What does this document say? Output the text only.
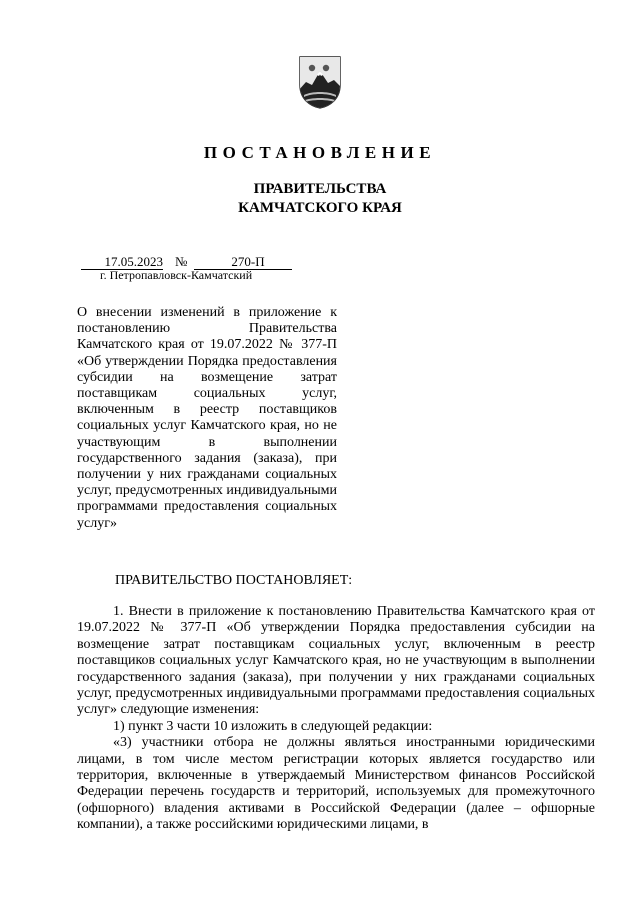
ПОСТАНОВЛЕНИЕ
ПРАВИТЕЛЬСТВА
КАМЧАТСКОГО КРАЯ
17.05.2023 №	270-П
г. Петропавловск-Камчатский
О внесении изменений в приложение к постановлению Правительства Камчатского края от 19.07.2022 № 377-П «Об утверждении Порядка предоставления субсидии на возмещение затрат поставщикам социальных услуг, включенным в реестр поставщиков социальных услуг Камчатского края, но не участвующим в выполнении государственного задания (заказа), при получении у них гражданами социальных услуг, предусмотренных индивидуальными программами предоставления социальных услуг»
ПРАВИТЕЛЬСТВО ПОСТАНОВЛЯЕТ:

1. Внести в приложение к постановлению Правительства Камчатского края от 19.07.2022 № 377-П «Об утверждении Порядка предоставления субсидии на возмещение затрат поставщикам социальных услуг, включенным в реестр поставщиков социальных услуг Камчатского края, но не участвующим в выполнении государственного задания (заказа), при получении у них гражданами социальных услуг, предусмотренных индивидуальными программами предоставления социальных услуг» следующие изменения:

1) пункт 3 части 10 изложить в следующей редакции:

«3) участники отбора не должны являться иностранными юридическими лицами, в том числе местом регистрации которых является государство или территория, включенные в утверждаемый Министерством финансов Российской Федерации перечень государств и территорий, используемых для промежуточного (офшорного) владения активами в Российской Федерации (далее – офшорные компании), а также российскими юридическими лицами, в
